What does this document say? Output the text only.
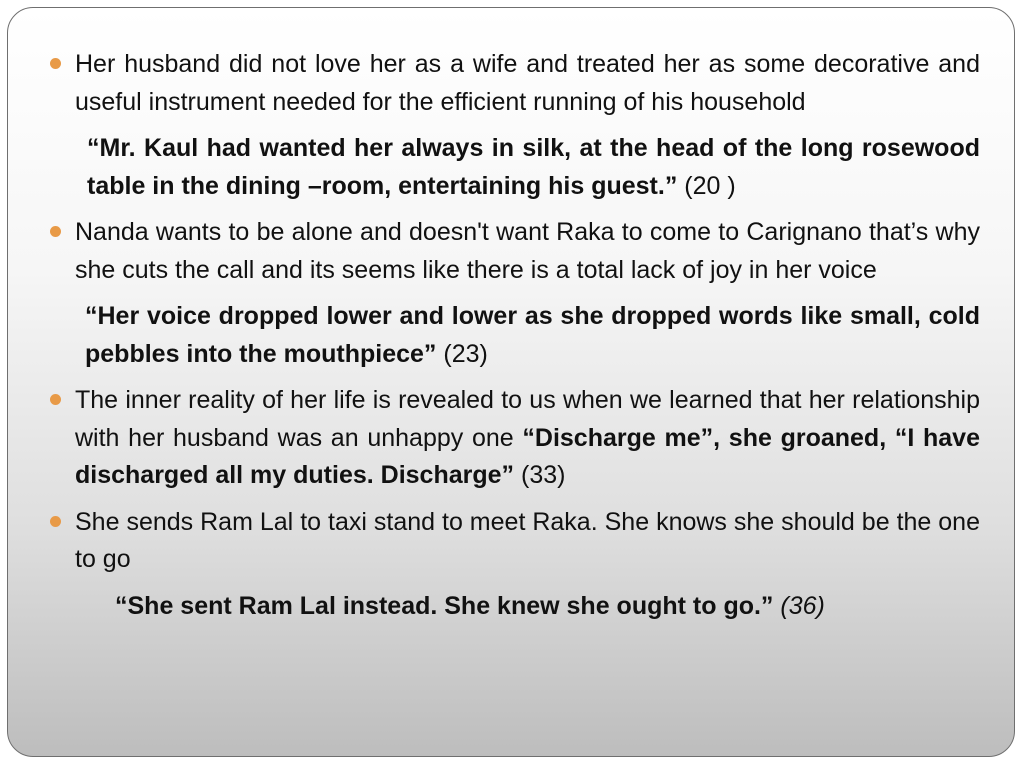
Her husband did not love her as a wife and treated her as some decorative and useful instrument needed for the efficient running of his household
“Mr. Kaul had wanted her always in silk, at the head of the long rosewood table in the dining –room, entertaining his guest.” (20 )
Nanda wants to be alone and doesn't want Raka to come to Carignano that’s why she cuts the call and its seems like there is a total lack of joy in her voice
“Her voice dropped lower and lower as she dropped words like small, cold pebbles into the mouthpiece” (23)
The inner reality of her life is revealed to us when we learned that her relationship with her husband was an unhappy one “Discharge me”, she groaned, “I have discharged all my duties. Discharge” (33)
She sends Ram Lal to taxi stand to meet Raka. She knows she should be the one to go
“She sent Ram Lal instead. She knew she ought to go.” (36)
